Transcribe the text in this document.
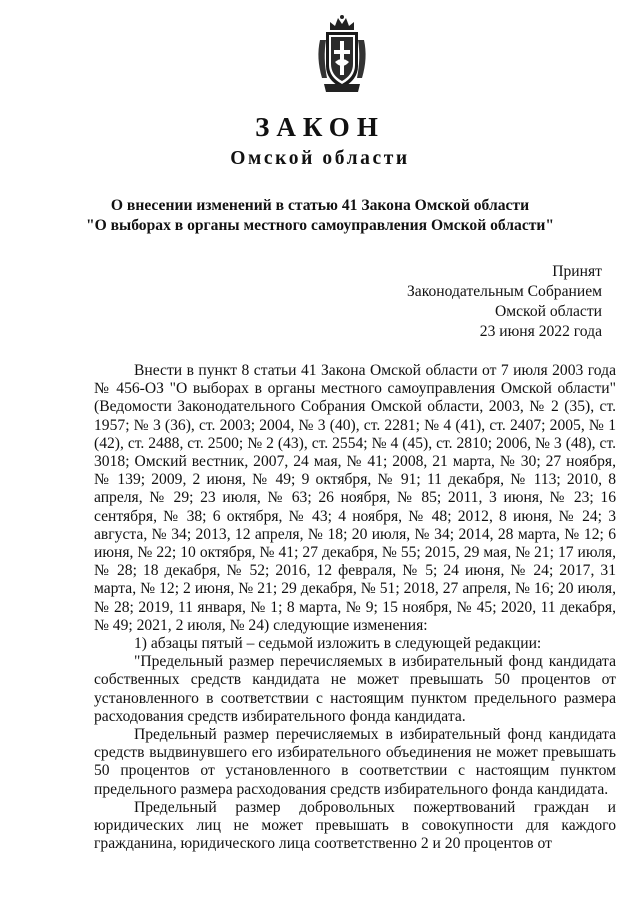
ЗАКОН
Омской области
О внесении изменений в статью 41 Закона Омской области
"О выборах в органы местного самоуправления Омской области"
Принят
Законодательным Собранием
Омской области
23 июня 2022 года

Внести в пункт 8 статьи 41 Закона Омской области от 7 июля 2003 года № 456-ОЗ "О выборах в органы местного самоуправления Омской области" (Ведомости Законодательного Собрания Омской области, 2003, № 2 (35), ст. 1957; № 3 (36), ст. 2003; 2004, № 3 (40), ст. 2281; № 4 (41), ст. 2407; 2005, № 1 (42), ст. 2488, ст. 2500; № 2 (43), ст. 2554; № 4 (45), ст. 2810; 2006, № 3 (48), ст. 3018; Омский вестник, 2007, 24 мая, № 41; 2008, 21 марта, № 30; 27 ноября, № 139; 2009, 2 июня, № 49; 9 октября, № 91; 11 декабря, № 113; 2010, 8 апреля, № 29; 23 июля, № 63; 26 ноября, № 85; 2011, 3 июня, № 23; 16 сентября, № 38; 6 октября, № 43; 4 ноября, № 48; 2012, 8 июня, № 24; 3 августа, № 34; 2013, 12 апреля, № 18; 20 июля, № 34; 2014, 28 марта, № 12; 6 июня, № 22; 10 октября, № 41; 27 декабря, № 55; 2015, 29 мая, № 21; 17 июля, № 28; 18 декабря, № 52; 2016, 12 февраля, № 5; 24 июня, № 24; 2017, 31 марта, № 12; 2 июня, № 21; 29 декабря, № 51; 2018, 27 апреля, № 16; 20 июля, № 28; 2019, 11 января, № 1; 8 марта, № 9; 15 ноября, № 45; 2020, 11 декабря, № 49; 2021, 2 июля, № 24) следующие изменения:

1) абзацы пятый – седьмой изложить в следующей редакции:

"Предельный размер перечисляемых в избирательный фонд кандидата собственных средств кандидата не может превышать 50 процентов от установленного в соответствии с настоящим пунктом предельного размера расходования средств избирательного фонда кандидата.

Предельный размер перечисляемых в избирательный фонд кандидата средств выдвинувшего его избирательного объединения не может превышать 50 процентов от установленного в соответствии с настоящим пунктом предельного размера расходования средств избирательного фонда кандидата.

Предельный размер добровольных пожертвований граждан и юридических лиц не может превышать в совокупности для каждого гражданина, юридического лица соответственно 2 и 20 процентов от
